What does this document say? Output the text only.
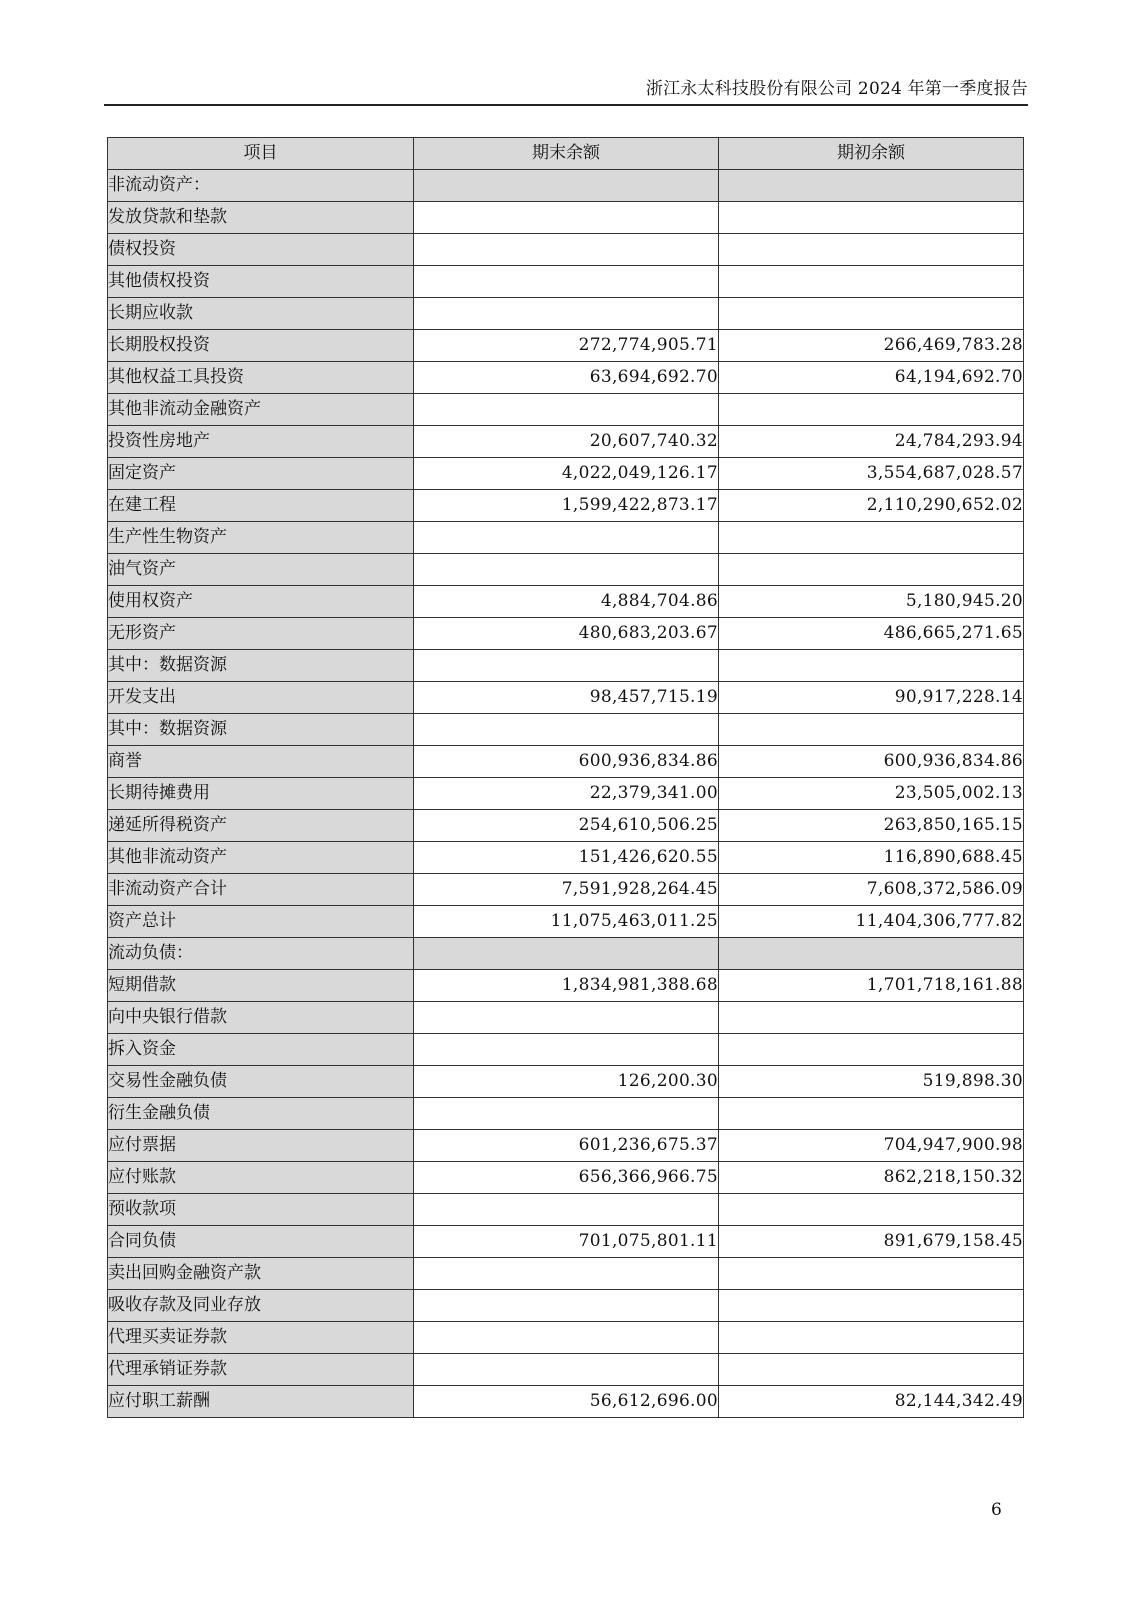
浙江永太科技股份有限公司 2024 年第一季度报告
项目	期末余额	期初余额
非流动资产：		
发放贷款和垫款		
债权投资		
其他债权投资		
长期应收款		
长期股权投资	272,774,905.71	266,469,783.28
其他权益工具投资	63,694,692.70	64,194,692.70
其他非流动金融资产		
投资性房地产	20,607,740.32	24,784,293.94
固定资产	4,022,049,126.17	3,554,687,028.57
在建工程	1,599,422,873.17	2,110,290,652.02
生产性生物资产		
油气资产		
使用权资产	4,884,704.86	5,180,945.20
无形资产	480,683,203.67	486,665,271.65
其中：数据资源		
开发支出	98,457,715.19	90,917,228.14
其中：数据资源		
商誉	600,936,834.86	600,936,834.86
长期待摊费用	22,379,341.00	23,505,002.13
递延所得税资产	254,610,506.25	263,850,165.15
其他非流动资产	151,426,620.55	116,890,688.45
非流动资产合计	7,591,928,264.45	7,608,372,586.09
资产总计	11,075,463,011.25	11,404,306,777.82
流动负债：		
短期借款	1,834,981,388.68	1,701,718,161.88
向中央银行借款		
拆入资金		
交易性金融负债	126,200.30	519,898.30
衍生金融负债		
应付票据	601,236,675.37	704,947,900.98
应付账款	656,366,966.75	862,218,150.32
预收款项		
合同负债	701,075,801.11	891,679,158.45
卖出回购金融资产款		
吸收存款及同业存放		
代理买卖证券款		
代理承销证券款		
应付职工薪酬	56,612,696.00	82,144,342.49
6
